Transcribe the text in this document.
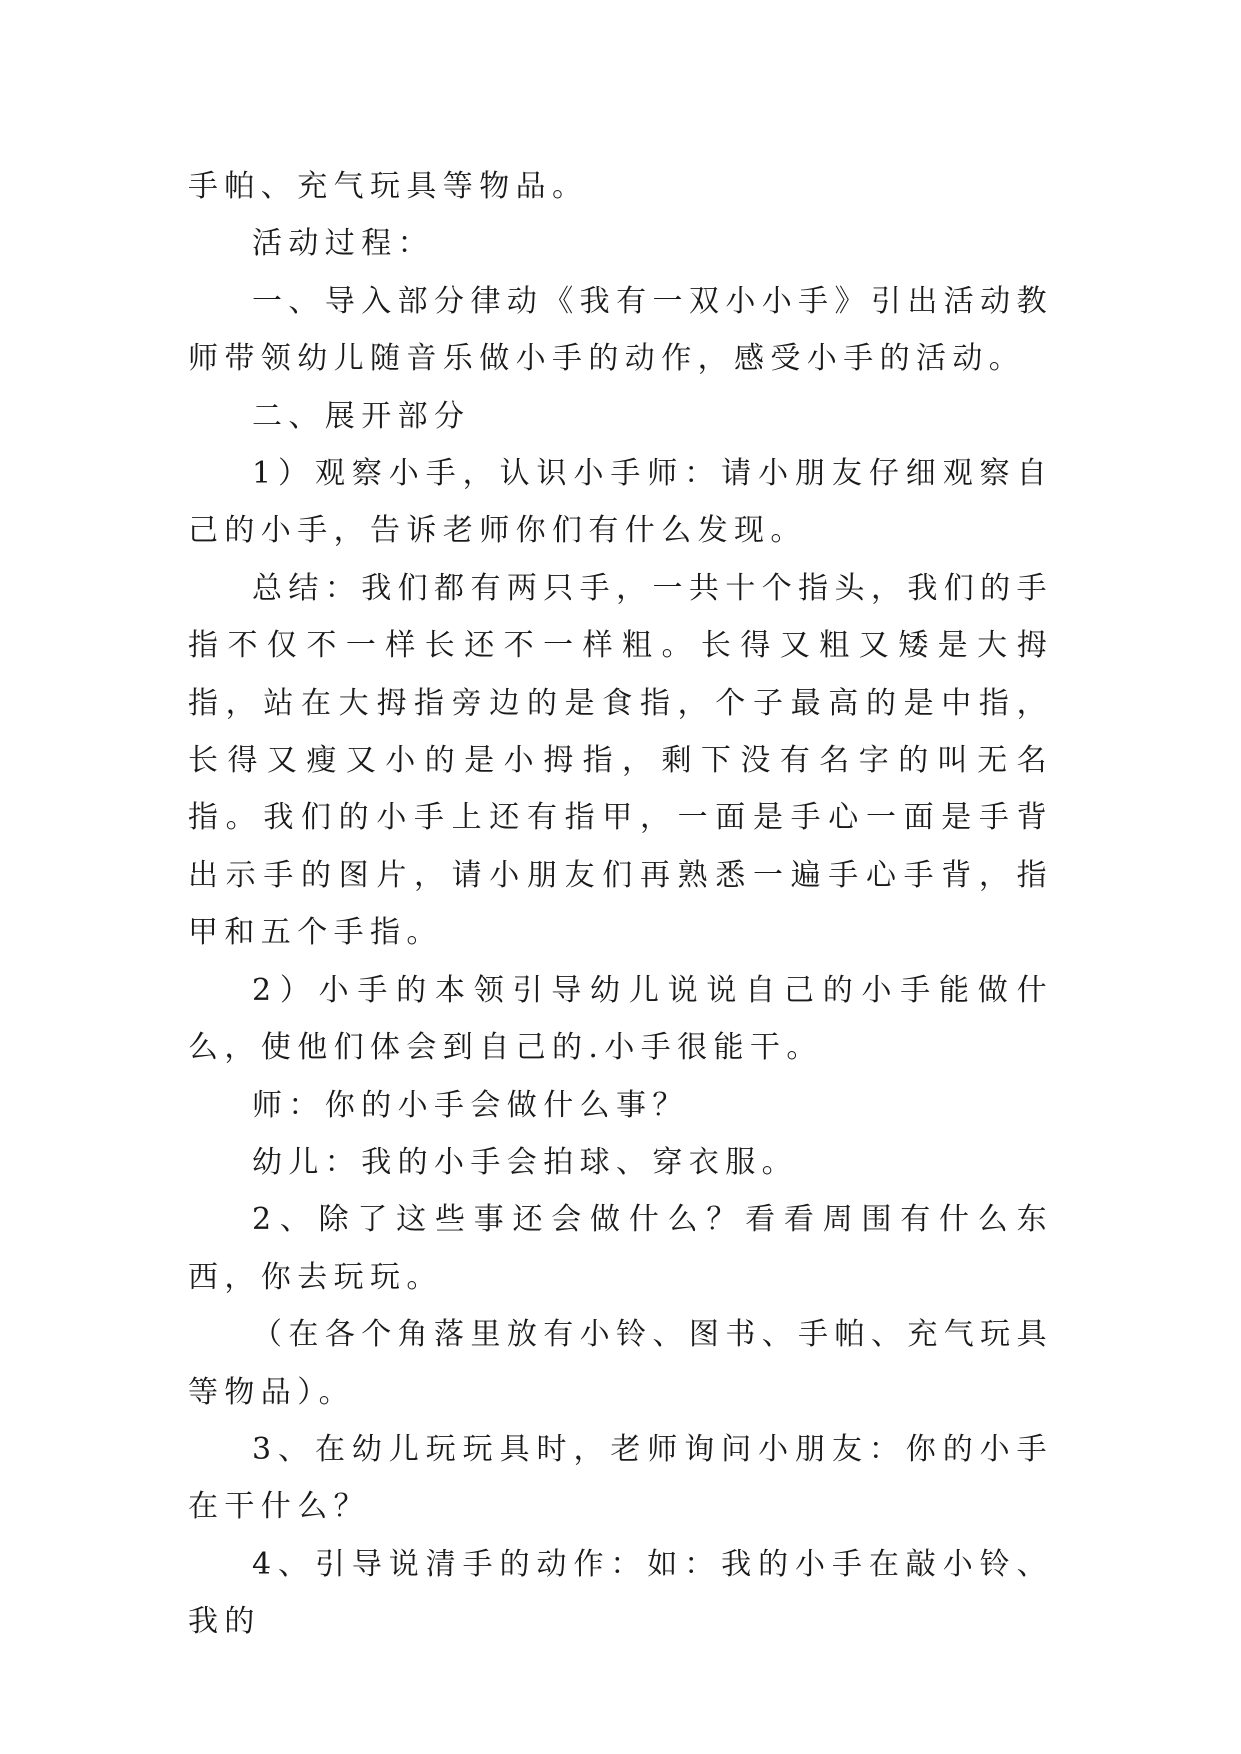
手帕、充气玩具等物品。

活动过程：

一、导入部分律动《我有一双小小手》引出活动教师带领幼儿随音乐做小手的动作，感受小手的活动。

二、展开部分

1）观察小手，认识小手师：请小朋友仔细观察自己的小手，告诉老师你们有什么发现。

总结：我们都有两只手，一共十个指头，我们的手指不仅不一样长还不一样粗。长得又粗又矮是大拇指，站在大拇指旁边的是食指，个子最高的是中指，长得又瘦又小的是小拇指，剩下没有名字的叫无名指。我们的小手上还有指甲，一面是手心一面是手背出示手的图片，请小朋友们再熟悉一遍手心手背，指甲和五个手指。

2）小手的本领引导幼儿说说自己的小手能做什么，使他们体会到自己的.小手很能干。

师：你的小手会做什么事？

幼儿：我的小手会拍球、穿衣服。

2、除了这些事还会做什么？看看周围有什么东西，你去玩玩。

（在各个角落里放有小铃、图书、手帕、充气玩具等物品）。

3、在幼儿玩玩具时，老师询问小朋友：你的小手在干什么？

4、引导说清手的动作：如：我的小手在敲小铃、我的
